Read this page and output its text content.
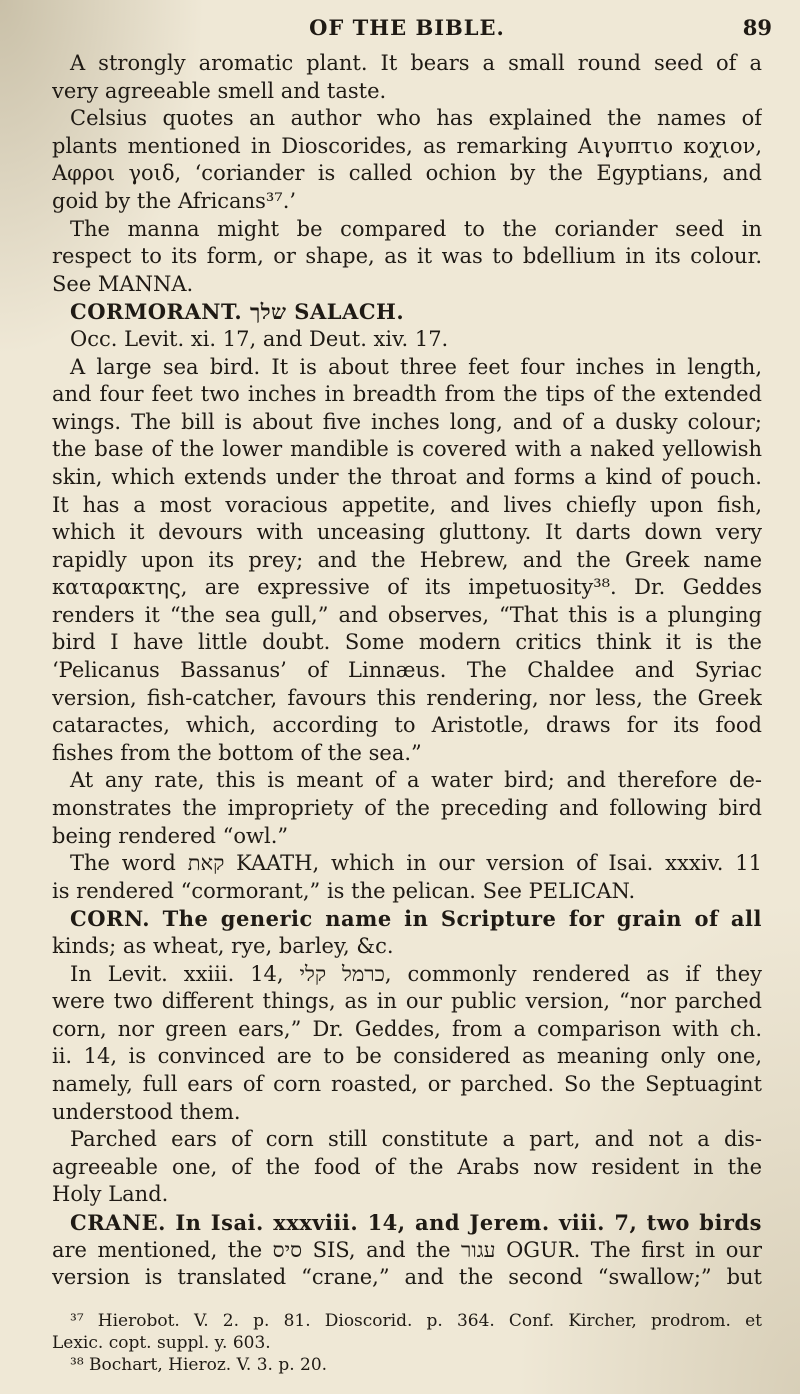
OF THE BIBLE.	89
A strongly aromatic plant. It bears a small round seed of a
very agreeable smell and taste.
Celsius quotes an author who has explained the names of
plants mentioned in Dioscorides, as remarking Αιγυπτιο κοχιον,
Αφροι γοιδ, ‘coriander is called ochion by the Egyptians, and
goid by the Africans³⁷.’
The manna might be compared to the coriander seed in
respect to its form, or shape, as it was to bdellium in its colour.
See MANNA.
CORMORANT. שלך SALACH.
Occ. Levit. xi. 17, and Deut. xiv. 17.
A large sea bird. It is about three feet four inches in length,
and four feet two inches in breadth from the tips of the extended
wings. The bill is about five inches long, and of a dusky colour;
the base of the lower mandible is covered with a naked yellowish
skin, which extends under the throat and forms a kind of pouch.
It has a most voracious appetite, and lives chiefly upon fish,
which it devours with unceasing gluttony. It darts down very
rapidly upon its prey; and the Hebrew, and the Greek name
καταρακτης, are expressive of its impetuosity³⁸. Dr. Geddes
renders it “the sea gull,” and observes, “That this is a plunging
bird I have little doubt. Some modern critics think it is the
‘Pelicanus Bassanus’ of Linnæus. The Chaldee and Syriac
version, fish-catcher, favours this rendering, nor less, the Greek
cataractes, which, according to Aristotle, draws for its food
fishes from the bottom of the sea.”
At any rate, this is meant of a water bird; and therefore de-
monstrates the impropriety of the preceding and following bird
being rendered “owl.”
The word קאת KAATH, which in our version of Isai. xxxiv. 11
is rendered “cormorant,” is the pelican. See PELICAN.
CORN. The generic name in Scripture for grain of all
kinds; as wheat, rye, barley, &c.
In Levit. xxiii. 14, כרמל קלי, commonly rendered as if they
were two different things, as in our public version, “nor parched
corn, nor green ears,” Dr. Geddes, from a comparison with ch.
ii. 14, is convinced are to be considered as meaning only one,
namely, full ears of corn roasted, or parched. So the Septuagint
understood them.
Parched ears of corn still constitute a part, and not a dis-
agreeable one, of the food of the Arabs now resident in the
Holy Land.
CRANE. In Isai. xxxviii. 14, and Jerem. viii. 7, two birds
are mentioned, the סיס SIS, and the עגור OGUR. The first in our
version is translated “crane,” and the second “swallow;” but
³⁷ Hierobot. V. 2. p. 81. Dioscorid. p. 364. Conf. Kircher, prodrom. et
Lexic. copt. suppl. y. 603.
³⁸ Bochart, Hieroz. V. 3. p. 20.
